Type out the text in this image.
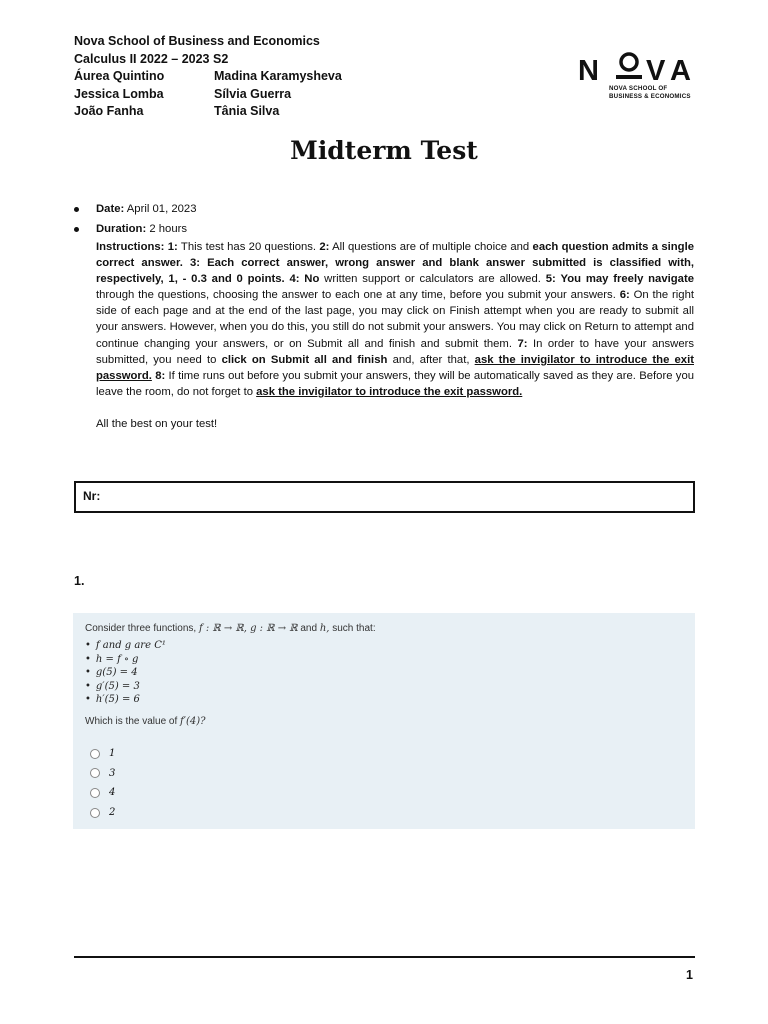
Nova School of Business and Economics
Calculus II 2022 – 2023 S2
Áurea Quintino	Madina Karamysheva
Jessica Lomba	Sílvia Guerra
João Fanha	Tânia Silva
N V A
NOVA SCHOOL OF
BUSINESS & ECONOMICS
Midterm Test
Date: April 01, 2023
Duration: 2 hours
Instructions: 1: This test has 20 questions. 2: All questions are of multiple choice and each question admits a single correct answer. 3: Each correct answer, wrong answer and blank answer submitted is classified with, respectively, 1, - 0.3 and 0 points. 4: No written support or calculators are allowed. 5: You may freely navigate through the questions, choosing the answer to each one at any time, before you submit your answers. 6: On the right side of each page and at the end of the last page, you may click on Finish attempt when you are ready to submit all your answers. However, when you do this, you still do not submit your answers. You may click on Return to attempt and continue changing your answers, or on Submit all and finish and submit them. 7: In order to have your answers submitted, you need to click on Submit all and finish and, after that, ask the invigilator to introduce the exit password. 8: If time runs out before you submit your answers, they will be automatically saved as they are. Before you leave the room, do not forget to ask the invigilator to introduce the exit password.
All the best on your test!
Nr:
1.
Consider three functions, f : ℝ → ℝ, g : ℝ → ℝ and h, such that:
• f and g are C¹
• h = f ∘ g
• g(5) = 4
• g′(5) = 3
• h′(5) = 6
Which is the value of f′(4)?
1
3
4
2
1
